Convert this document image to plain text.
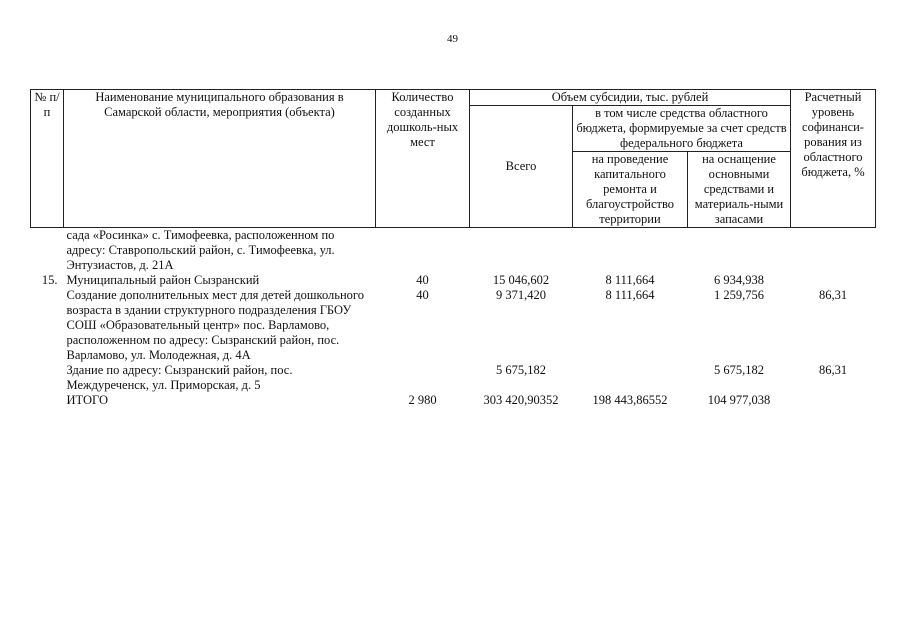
49
№ п/п	Наименование муниципального образования в Самарской области, мероприятия (объекта)	Количество созданных дошколь-ных мест	Объем субсидии, тыс. рублей			Расчетный уровень софинанси-рования из областного бюджета, %
			Всего	в том числе средства областного бюджета, формируемые за счет средств федерального бюджета		
				на проведение капитального ремонта и благоустройство территории	на оснащение основными средствами и материаль-ными запасами	
	сада «Росинка» с. Тимофеевка, расположенном по адресу: Ставропольский район, с. Тимофеевка, ул. Энтузиастов, д. 21А					
15.	Муниципальный район Сызранский	40	15 046,602	8 111,664	6 934,938	
	Создание дополнительных мест для детей дошкольного возраста в здании структурного подразделения ГБОУ СОШ «Образовательный центр» пос. Варламово, расположенном по адресу: Сызранский район, пос. Варламово, ул. Молодежная, д. 4А	40	9 371,420	8 111,664	1 259,756	86,31
	Здание по адресу: Сызранский район, пос. Междуреченск, ул. Приморская, д. 5		5 675,182		5 675,182	86,31
	ИТОГО	2 980	303 420,90352	198 443,86552	104 977,038	
